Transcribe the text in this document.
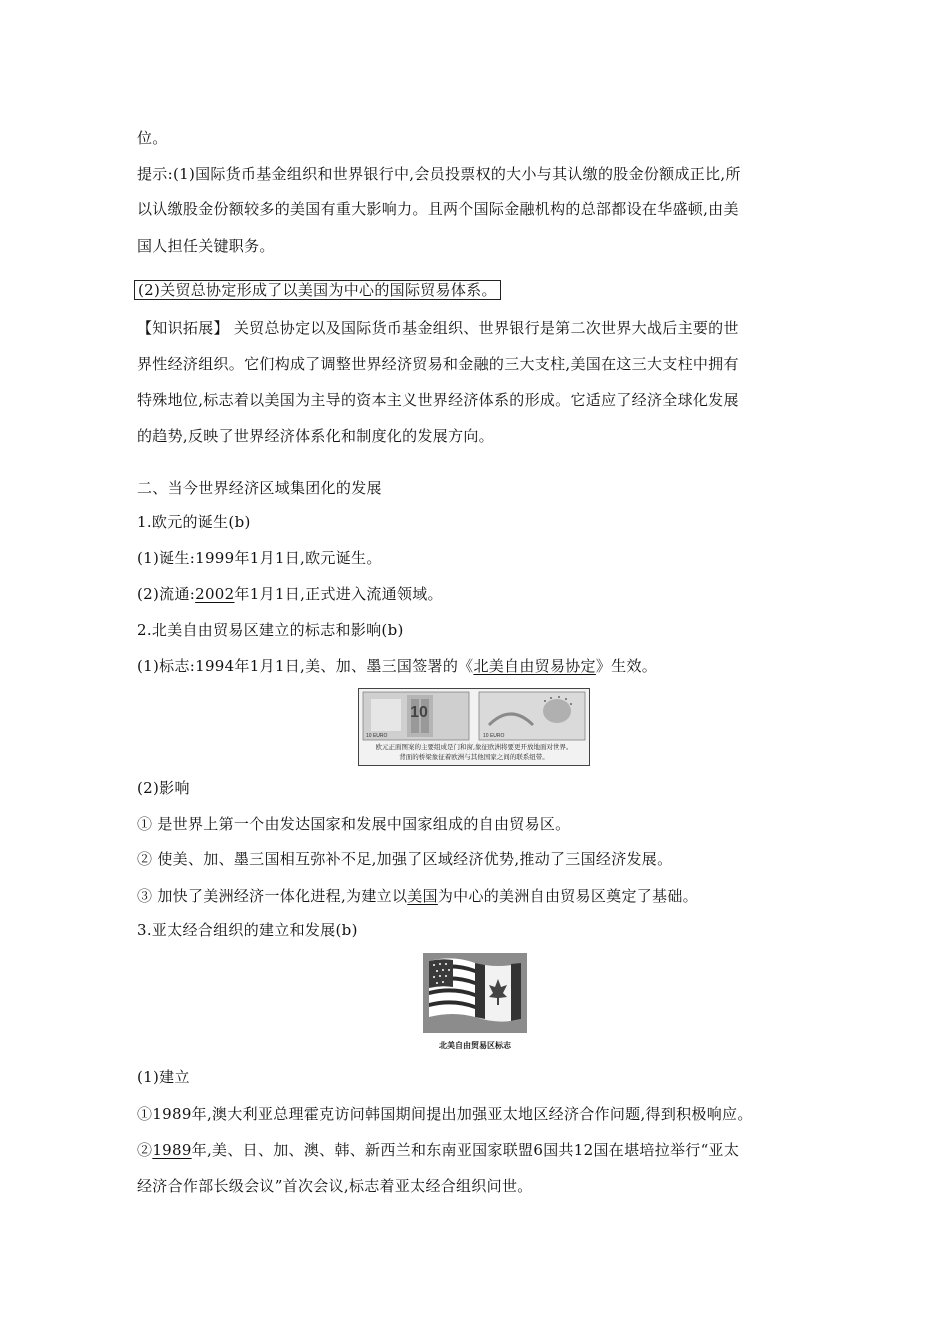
位。
提示:(1)国际货币基金组织和世界银行中,会员投票权的大小与其认缴的股金份额成正比,所
以认缴股金份额较多的美国有重大影响力。且两个国际金融机构的总部都设在华盛顿,由美
国人担任关键职务。
(2)关贸总协定形成了以美国为中心的国际贸易体系。
【知识拓展】 关贸总协定以及国际货币基金组织、世界银行是第二次世界大战后主要的世
界性经济组织。它们构成了调整世界经济贸易和金融的三大支柱,美国在这三大支柱中拥有
特殊地位,标志着以美国为主导的资本主义世界经济体系的形成。它适应了经济全球化发展
的趋势,反映了世界经济体系化和制度化的发展方向。
二、当今世界经济区域集团化的发展
1.欧元的诞生(b)
(1)诞生:1999年1月1日,欧元诞生。
(2)流通:2002年1月1日,正式进入流通领域。
2.北美自由贸易区建立的标志和影响(b)
(1)标志:1994年1月1日,美、加、墨三国签署的《北美自由贸易协定》生效。
10
10 EURO	10 EURO
欧元正面图案的主要组成是门和窗,象征欧洲将要更开放地面对世界。
背面的桥梁象征着欧洲与其他国家之间的联系纽带。
(2)影响
① 是世界上第一个由发达国家和发展中国家组成的自由贸易区。
② 使美、加、墨三国相互弥补不足,加强了区域经济优势,推动了三国经济发展。
③ 加快了美洲经济一体化进程,为建立以美国为中心的美洲自由贸易区奠定了基础。
3.亚太经合组织的建立和发展(b)
北美自由贸易区标志
(1)建立
①1989年,澳大利亚总理霍克访问韩国期间提出加强亚太地区经济合作问题,得到积极响应。
②1989年,美、日、加、澳、韩、新西兰和东南亚国家联盟6国共12国在堪培拉举行“亚太
经济合作部长级会议”首次会议,标志着亚太经合组织问世。
